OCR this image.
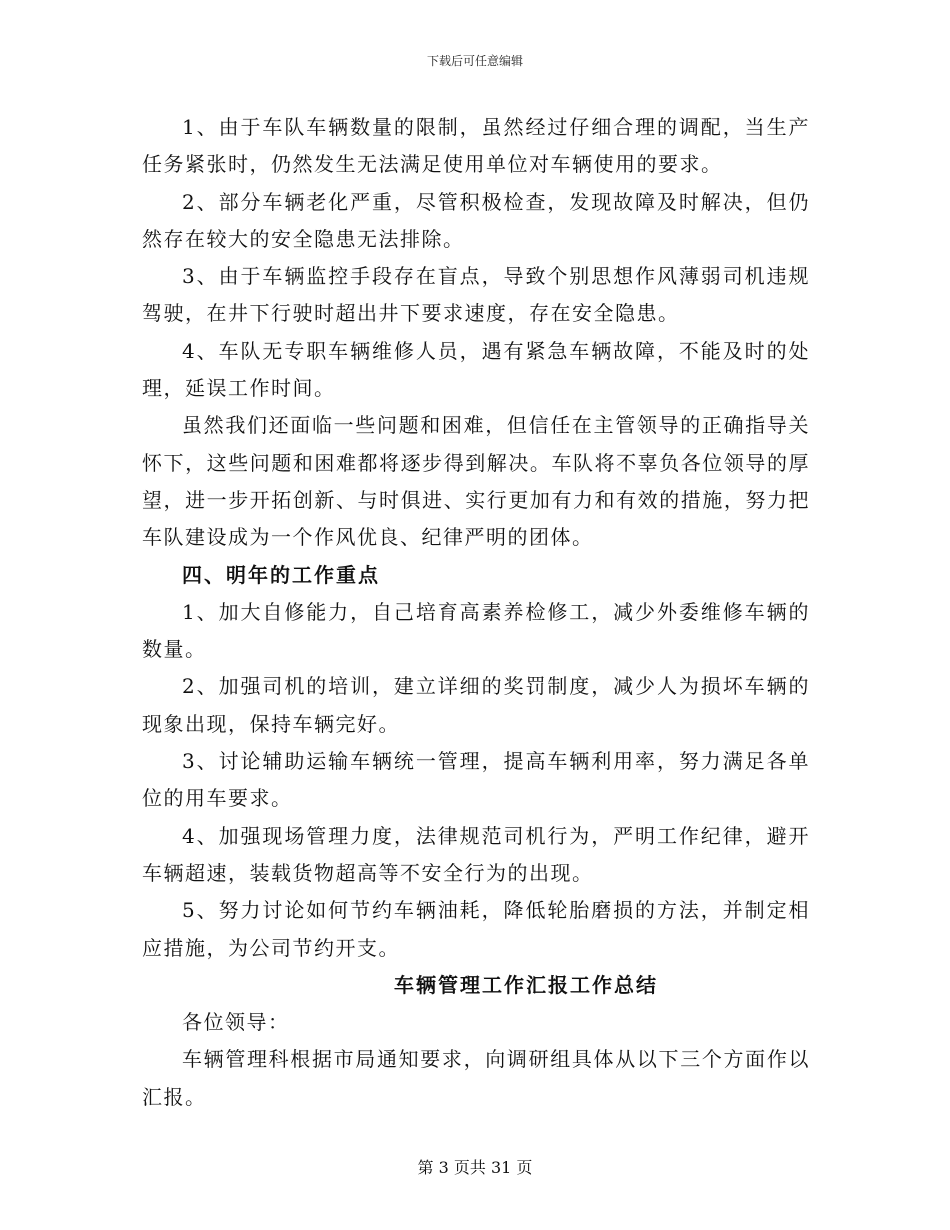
下载后可任意编辑

1、由于车队车辆数量的限制，虽然经过仔细合理的调配，当生产任务紧张时，仍然发生无法满足使用单位对车辆使用的要求。

2、部分车辆老化严重，尽管积极检查，发现故障及时解决，但仍然存在较大的安全隐患无法排除。

3、由于车辆监控手段存在盲点，导致个别思想作风薄弱司机违规驾驶，在井下行驶时超出井下要求速度，存在安全隐患。

4、车队无专职车辆维修人员，遇有紧急车辆故障，不能及时的处理，延误工作时间。

虽然我们还面临一些问题和困难，但信任在主管领导的正确指导关怀下，这些问题和困难都将逐步得到解决。车队将不辜负各位领导的厚望，进一步开拓创新、与时俱进、实行更加有力和有效的措施，努力把车队建设成为一个作风优良、纪律严明的团体。

四、明年的工作重点

1、加大自修能力，自己培育高素养检修工，减少外委维修车辆的数量。

2、加强司机的培训，建立详细的奖罚制度，减少人为损坏车辆的现象出现，保持车辆完好。

3、讨论辅助运输车辆统一管理，提高车辆利用率，努力满足各单位的用车要求。

4、加强现场管理力度，法律规范司机行为，严明工作纪律，避开车辆超速，装载货物超高等不安全行为的出现。

5、努力讨论如何节约车辆油耗，降低轮胎磨损的方法，并制定相应措施，为公司节约开支。

车辆管理工作汇报工作总结

各位领导：

车辆管理科根据市局通知要求，向调研组具体从以下三个方面作以汇报。

第 3 页共 31 页
